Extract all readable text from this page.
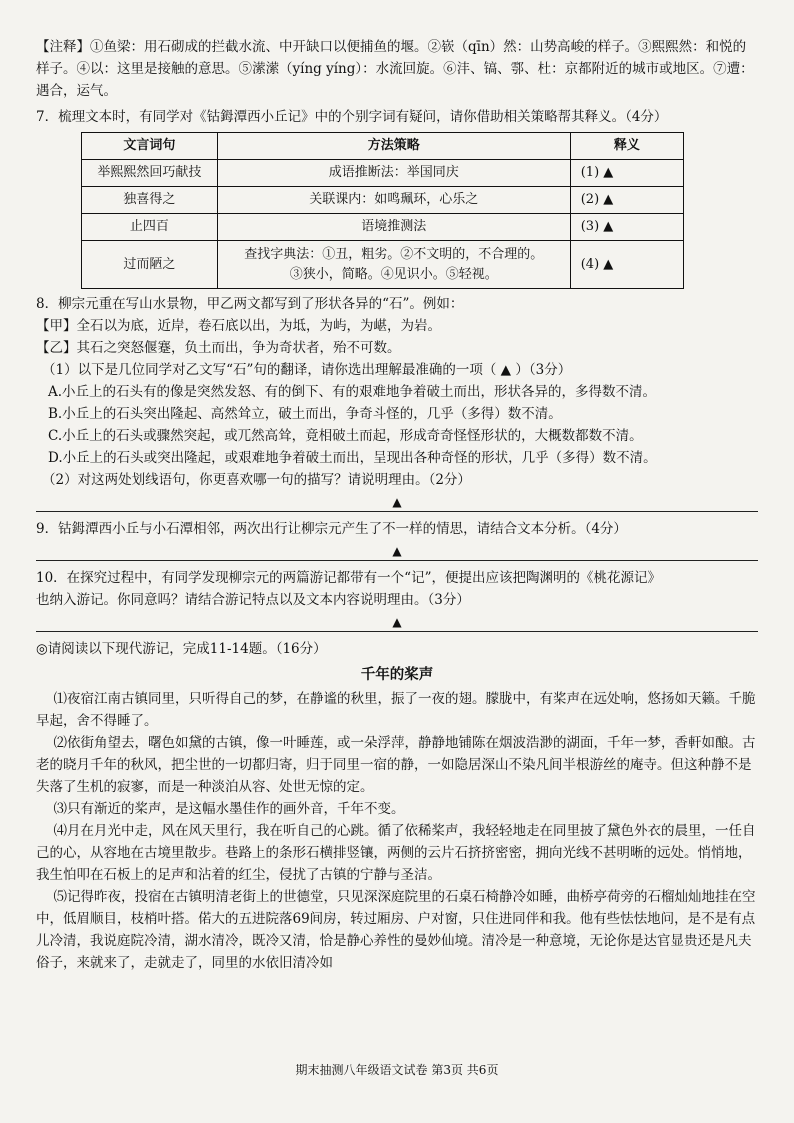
【注释】①鱼梁：用石砌成的拦截水流、中开缺口以便捕鱼的堰。②嵚（qīn）然：山势高峻的样子。③熙熙然：和悦的样子。④以：这里是接触的意思。⑤潆潆（yíng yíng）：水流回旋。⑥沣、镐、鄠、杜：京都附近的城市或地区。⑦遭：遇合，运气。

7．梳理文本时，有同学对《钴鉧潭西小丘记》中的个别字词有疑问，请你借助相关策略帮其释义。（4分）

文言词句	方法策略	释义
举熙熙然回巧献技	成语推断法：举国同庆	(1) ▲
独喜得之	关联课内：如鸣珮环，心乐之	(2) ▲
止四百	语境推测法	(3) ▲
过而陋之	查找字典法：①丑，粗劣。②不文明的，不合理的。
③狭小，简略。④见识小。⑤轻视。	(4) ▲

8．柳宗元重在写山水景物，甲乙两文都写到了形状各异的“石”。例如：

【甲】全石以为底，近岸，卷石底以出，为坻，为屿，为嵁，为岩。

【乙】其石之突怒偃蹇，负土而出，争为奇状者，殆不可数。

（1）以下是几位同学对乙文写“石”句的翻译，请你选出理解最准确的一项（ ▲ ）（3分）

A.小丘上的石头有的像是突然发怒、有的倒下、有的艰难地争着破土而出，形状各异的，多得数不清。

B.小丘上的石头突出隆起、高然耸立，破土而出，争奇斗怪的，几乎（多得）数不清。

C.小丘上的石头或骤然突起，或兀然高耸，竟相破土而起，形成奇奇怪怪形状的，大概数都数不清。

D.小丘上的石头或突出隆起，或艰难地争着破土而出，呈现出各种奇怪的形状，几乎（多得）数不清。

（2）对这两处划线语句，你更喜欢哪一句的描写？请说明理由。（2分）

▲

9．钴鉧潭西小丘与小石潭相邻，两次出行让柳宗元产生了不一样的情思，请结合文本分析。（4分）

▲

10．在探究过程中，有同学发现柳宗元的两篇游记都带有一个“记”，便提出应该把陶渊明的《桃花源记》

也纳入游记。你同意吗？请结合游记特点以及文本内容说明理由。（3分）

▲

◎请阅读以下现代游记，完成11-14题。（16分）

千年的桨声

⑴夜宿江南古镇同里，只听得自己的梦，在静谧的秋里，振了一夜的翅。朦胧中，有桨声在远处响，悠扬如天籁。千脆早起，舍不得睡了。

⑵依街角望去，曙色如黛的古镇，像一叶睡莲，或一朵浮萍，静静地铺陈在烟波浩渺的湖面，千年一梦，香軒如酿。古老的晓月千年的秋风，把尘世的一切都归寄，归于同里一宿的静，一如隐居深山不染凡间半根游丝的庵寺。但这种静不是失落了生机的寂寥，而是一种淡泊从容、处世无惊的定。

⑶只有渐近的桨声，是这幅水墨佳作的画外音，千年不变。

⑷月在月光中走，风在风天里行，我在听自己的心跳。循了依稀桨声，我轻轻地走在同里披了黛色外衣的晨里，一任自己的心，从容地在古境里散步。巷路上的条形石横排竖镶，两侧的云片石挤挤密密，拥向光线不甚明晰的远处。悄悄地，我生怕叩在石板上的足声和沾着的红尘，侵扰了古镇的宁静与圣洁。

⑸记得昨夜，投宿在古镇明清老街上的世德堂，只见深深庭院里的石桌石椅静冷如睡，曲桥亭荷旁的石榴灿灿地挂在空中，低眉顺目，枝梢叶搭。偌大的五进院落69间房，转过厢房、户对窗，只住进同伴和我。他有些怯怯地问，是不是有点儿冷清，我说庭院冷清，湖水清冷，既冷又清，恰是静心养性的曼妙仙境。清冷是一种意境，无论你是达官显贵还是凡夫俗子，来就来了，走就走了，同里的水依旧清冷如

期末抽测八年级语文试卷 第3页 共6页
